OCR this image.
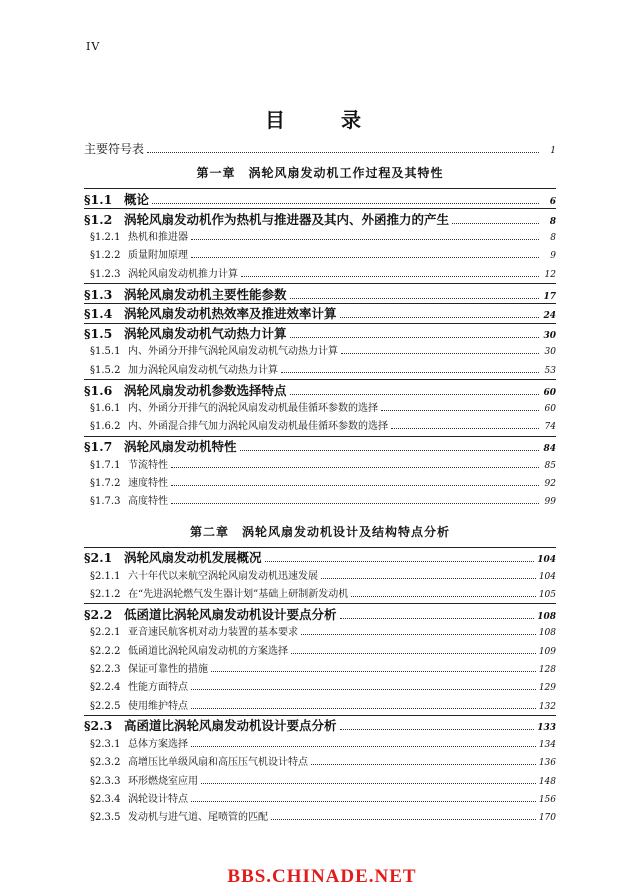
IV
目　录
主要符号表	1
第一章　涡轮风扇发动机工作过程及其特性
§1.1 概论	6
§1.2 涡轮风扇发动机作为热机与推进器及其内、外函推力的产生	8
§1.2.1 热机和推进器	8
§1.2.2 质量附加原理	9
§1.2.3 涡轮风扇发动机推力计算	12
§1.3 涡轮风扇发动机主要性能参数	17
§1.4 涡轮风扇发动机热效率及推进效率计算	24
§1.5 涡轮风扇发动机气动热力计算	30
§1.5.1 内、外函分开排气涡轮风扇发动机气动热力计算	30
§1.5.2 加力涡轮风扇发动机气动热力计算	53
§1.6 涡轮风扇发动机参数选择特点	60
§1.6.1 内、外函分开排气的涡轮风扇发动机最佳循环参数的选择	60
§1.6.2 内、外函混合排气加力涡轮风扇发动机最佳循环参数的选择	74
§1.7 涡轮风扇发动机特性	84
§1.7.1 节流特性	85
§1.7.2 速度特性	92
§1.7.3 高度特性	99
第二章　涡轮风扇发动机设计及结构特点分析
§2.1 涡轮风扇发动机发展概况	104
§2.1.1 六十年代以来航空涡轮风扇发动机迅速发展	104
§2.1.2 在“先进涡轮燃气发生器计划”基础上研制新发动机	105
§2.2 低函道比涡轮风扇发动机设计要点分析	108
§2.2.1 亚音速民航客机对动力装置的基本要求	108
§2.2.2 低函道比涡轮风扇发动机的方案选择	109
§2.2.3 保证可靠性的措施	128
§2.2.4 性能方面特点	129
§2.2.5 使用维护特点	132
§2.3 高函道比涡轮风扇发动机设计要点分析	133
§2.3.1 总体方案选择	134
§2.3.2 高增压比单级风扇和高压压气机设计特点	136
§2.3.3 环形燃烧室应用	148
§2.3.4 涡轮设计特点	156
§2.3.5 发动机与进气道、尾喷管的匹配	170
BBS.CHINADE.NET
